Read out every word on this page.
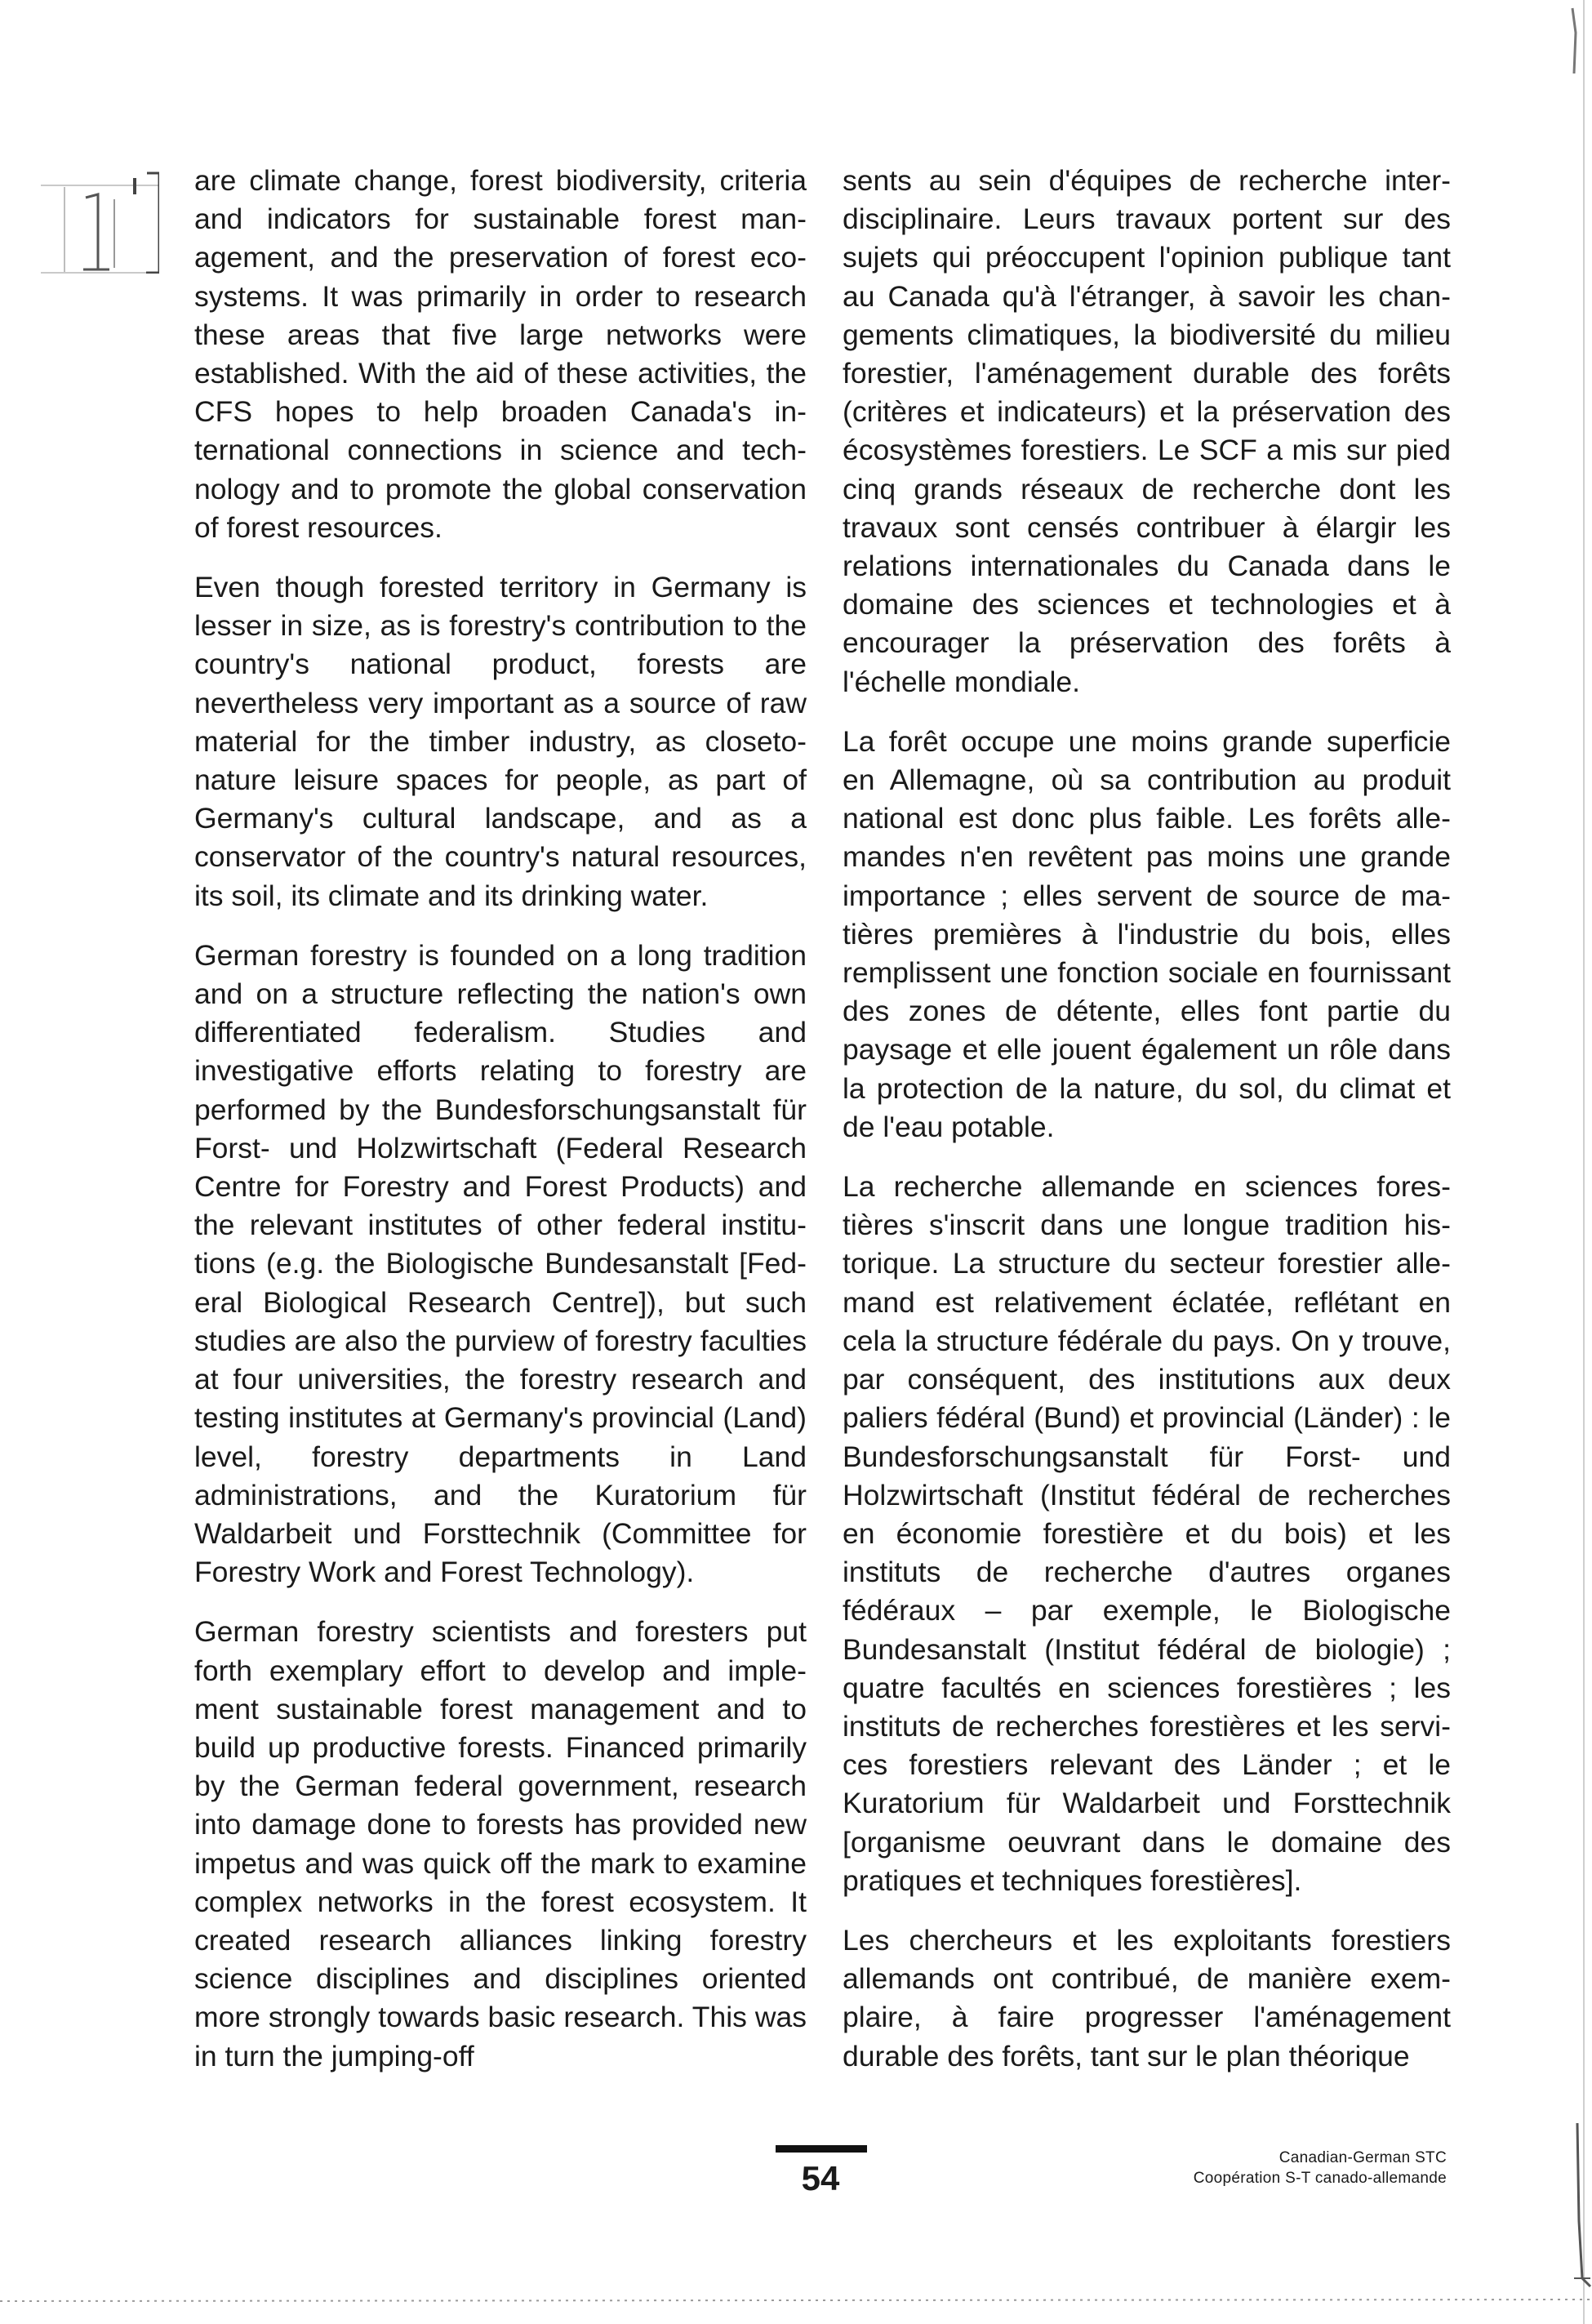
are climate change, forest biodiversity, criteria and indicators for sustainable forest management, and the preservation of forest ecosystems. It was primarily in order to research these areas that five large networks were established. With the aid of these activities, the CFS hopes to help broaden Canada's international connections in science and technology and to promote the global conservation of forest resources.

Even though forested territory in Germany is lesser in size, as is forestry's contribution to the country's national product, forests are nevertheless very important as a source of raw material for the timber industry, as closeto-nature leisure spaces for people, as part of Germany's cultural landscape, and as a conservator of the country's natural resources, its soil, its climate and its drinking water.

German forestry is founded on a long tradition and on a structure reflecting the nation's own differentiated federalism. Studies and investigative efforts relating to forestry are performed by the Bundesforschungsanstalt für Forst- und Holzwirtschaft (Federal Research Centre for Forestry and Forest Products) and the relevant institutes of other federal institutions (e.g. the Biologische Bundesanstalt [Federal Biological Research Centre]), but such studies are also the purview of forestry faculties at four universities, the forestry research and testing institutes at Germany's provincial (Land) level, forestry departments in Land administrations, and the Kuratorium für Waldarbeit und Forsttechnik (Committee for Forestry Work and Forest Technology).

German forestry scientists and foresters put forth exemplary effort to develop and implement sustainable forest management and to build up productive forests. Financed primarily by the German federal government, research into damage done to forests has provided new impetus and was quick off the mark to examine complex networks in the forest ecosystem. It created research alliances linking forestry science disciplines and disciplines oriented more strongly towards basic research. This was in turn the jumping-off

sents au sein d'équipes de recherche interdisciplinaire. Leurs travaux portent sur des sujets qui préoccupent l'opinion publique tant au Canada qu'à l'étranger, à savoir les changements climatiques, la biodiversité du milieu forestier, l'aménagement durable des forêts (critères et indicateurs) et la préservation des écosystèmes forestiers. Le SCF a mis sur pied cinq grands réseaux de recherche dont les travaux sont censés contribuer à élargir les relations internationales du Canada dans le domaine des sciences et technologies et à encourager la préservation des forêts à l'échelle mondiale.

La forêt occupe une moins grande superficie en Allemagne, où sa contribution au produit national est donc plus faible. Les forêts allemandes n'en revêtent pas moins une grande importance ; elles servent de source de matières premières à l'industrie du bois, elles remplissent une fonction sociale en fournissant des zones de détente, elles font partie du paysage et elle jouent également un rôle dans la protection de la nature, du sol, du climat et de l'eau potable.

La recherche allemande en sciences forestières s'inscrit dans une longue tradition historique. La structure du secteur forestier allemand est relativement éclatée, reflétant en cela la structure fédérale du pays. On y trouve, par conséquent, des institutions aux deux paliers fédéral (Bund) et provincial (Länder) : le Bundesforschungsanstalt für Forst- und Holzwirtschaft (Institut fédéral de recherches en économie forestière et du bois) et les instituts de recherche d'autres organes fédéraux – par exemple, le Biologische Bundesanstalt (Institut fédéral de biologie) ; quatre facultés en sciences forestières ; les instituts de recherches forestières et les services forestiers relevant des Länder ; et le Kuratorium für Waldarbeit und Forsttechnik [organisme oeuvrant dans le domaine des pratiques et techniques forestières].

Les chercheurs et les exploitants forestiers allemands ont contribué, de manière exemplaire, à faire progresser l'aménagement durable des forêts, tant sur le plan théorique

54
Canadian-German STC
Coopération S-T canado-allemande
